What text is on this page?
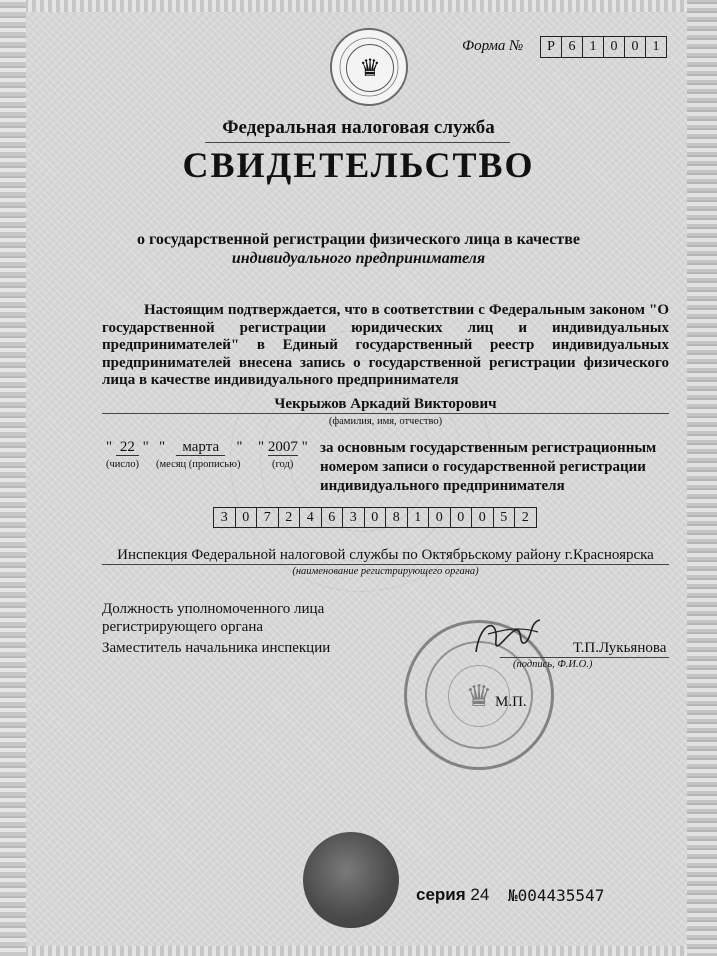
♛
Форма №	Р 6	1	0	0	1
Федеральная налоговая служба
СВИДЕТЕЛЬСТВО
о государственной регистрации физического лица в качестве
индивидуального предпринимателя
Настоящим подтверждается, что в соответствии с Федеральным законом "О государственной регистрации юридических лиц и индивидуальных предпринимателей" в Единый государственный реестр индивидуальных предпринимателей внесена запись о государственной регистрации физического лица в качестве индивидуального предпринимателя
Чекрыжов Аркадий Викторович
(фамилия, имя, отчество)
" 22 "
(число)
"   марта   "
(месяц (прописью)
" 2007 "
(год)
за основным государственным регистрационным номером записи о государственной регистрации индивидуального предпринимателя
3	0	7	2	4	6	3	0	8	1	0	0	0	5	2
Инспекция Федеральной налоговой службы по Октябрьскому району г.Красноярска
(наименование регистрирующего органа)
♛
Должность уполномоченного лица
регистрирующего органа
Заместитель начальника инспекции	Т.П.Лукьянова
(подпись, Ф.И.О.)
М.П.
серия 24 №004435547
